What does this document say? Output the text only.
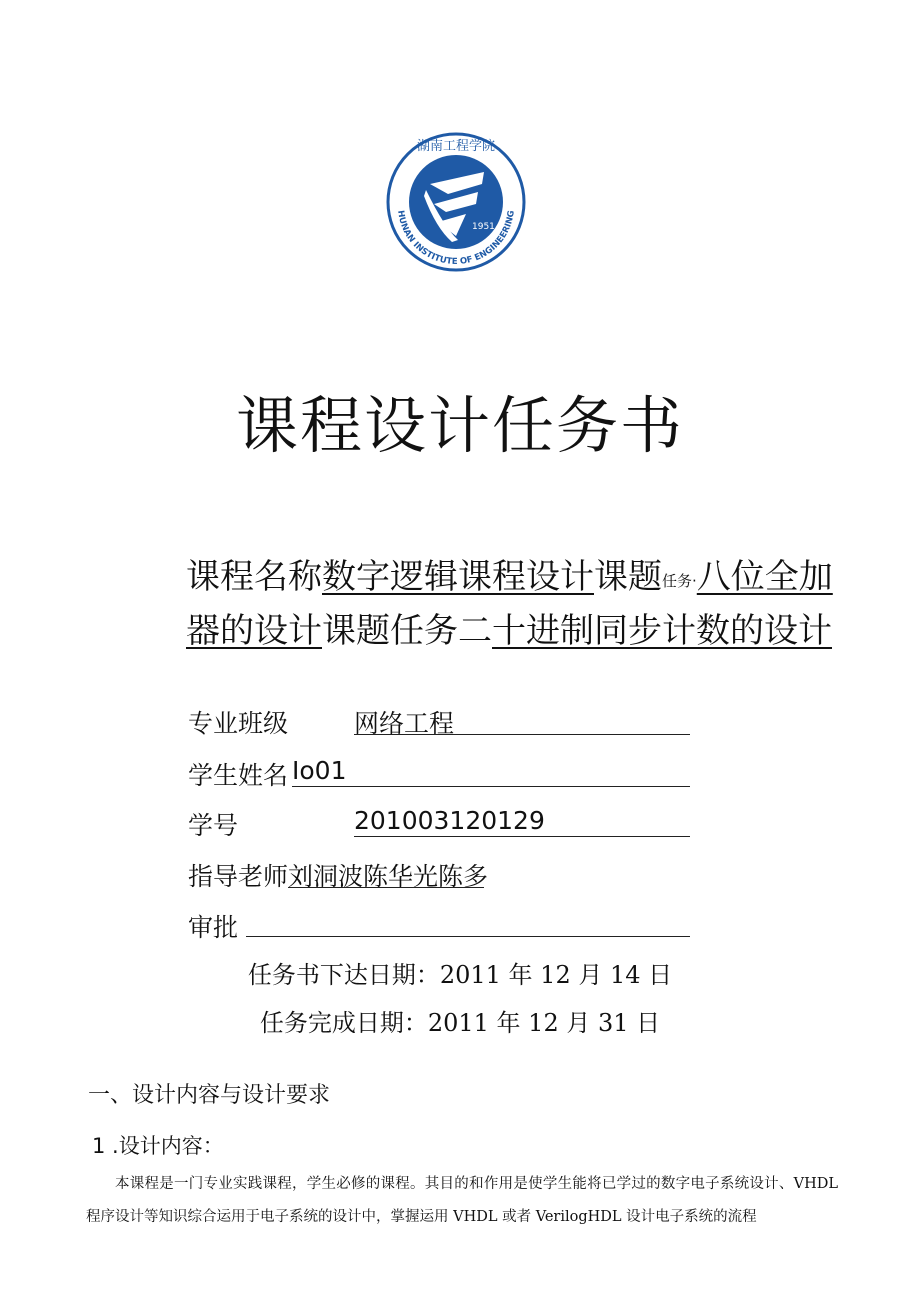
1951
湖南工程学院
HUNAN INSTITUTE OF ENGINEERING
课程设计任务书
课程名称数字逻辑课程设计课题任务·八位全加器的设计课题任务二十进制同步计数的设计
专业班级	网络工程
学生姓名 Io01
学号	201003120129
指导老师 刘洞波陈华光陈多
审批
任务书下达日期：2011 年 12 月 14 日
任务完成日期：2011 年 12 月 31 日
一、设计内容与设计要求
1 .设计内容：
本课程是一门专业实践课程，学生必修的课程。其目的和作用是使学生能将已学过的数字电子系统设计、VHDL 程序设计等知识综合运用于电子系统的设计中，掌握运用 VHDL 或者 VerilogHDL 设计电子系统的流程
